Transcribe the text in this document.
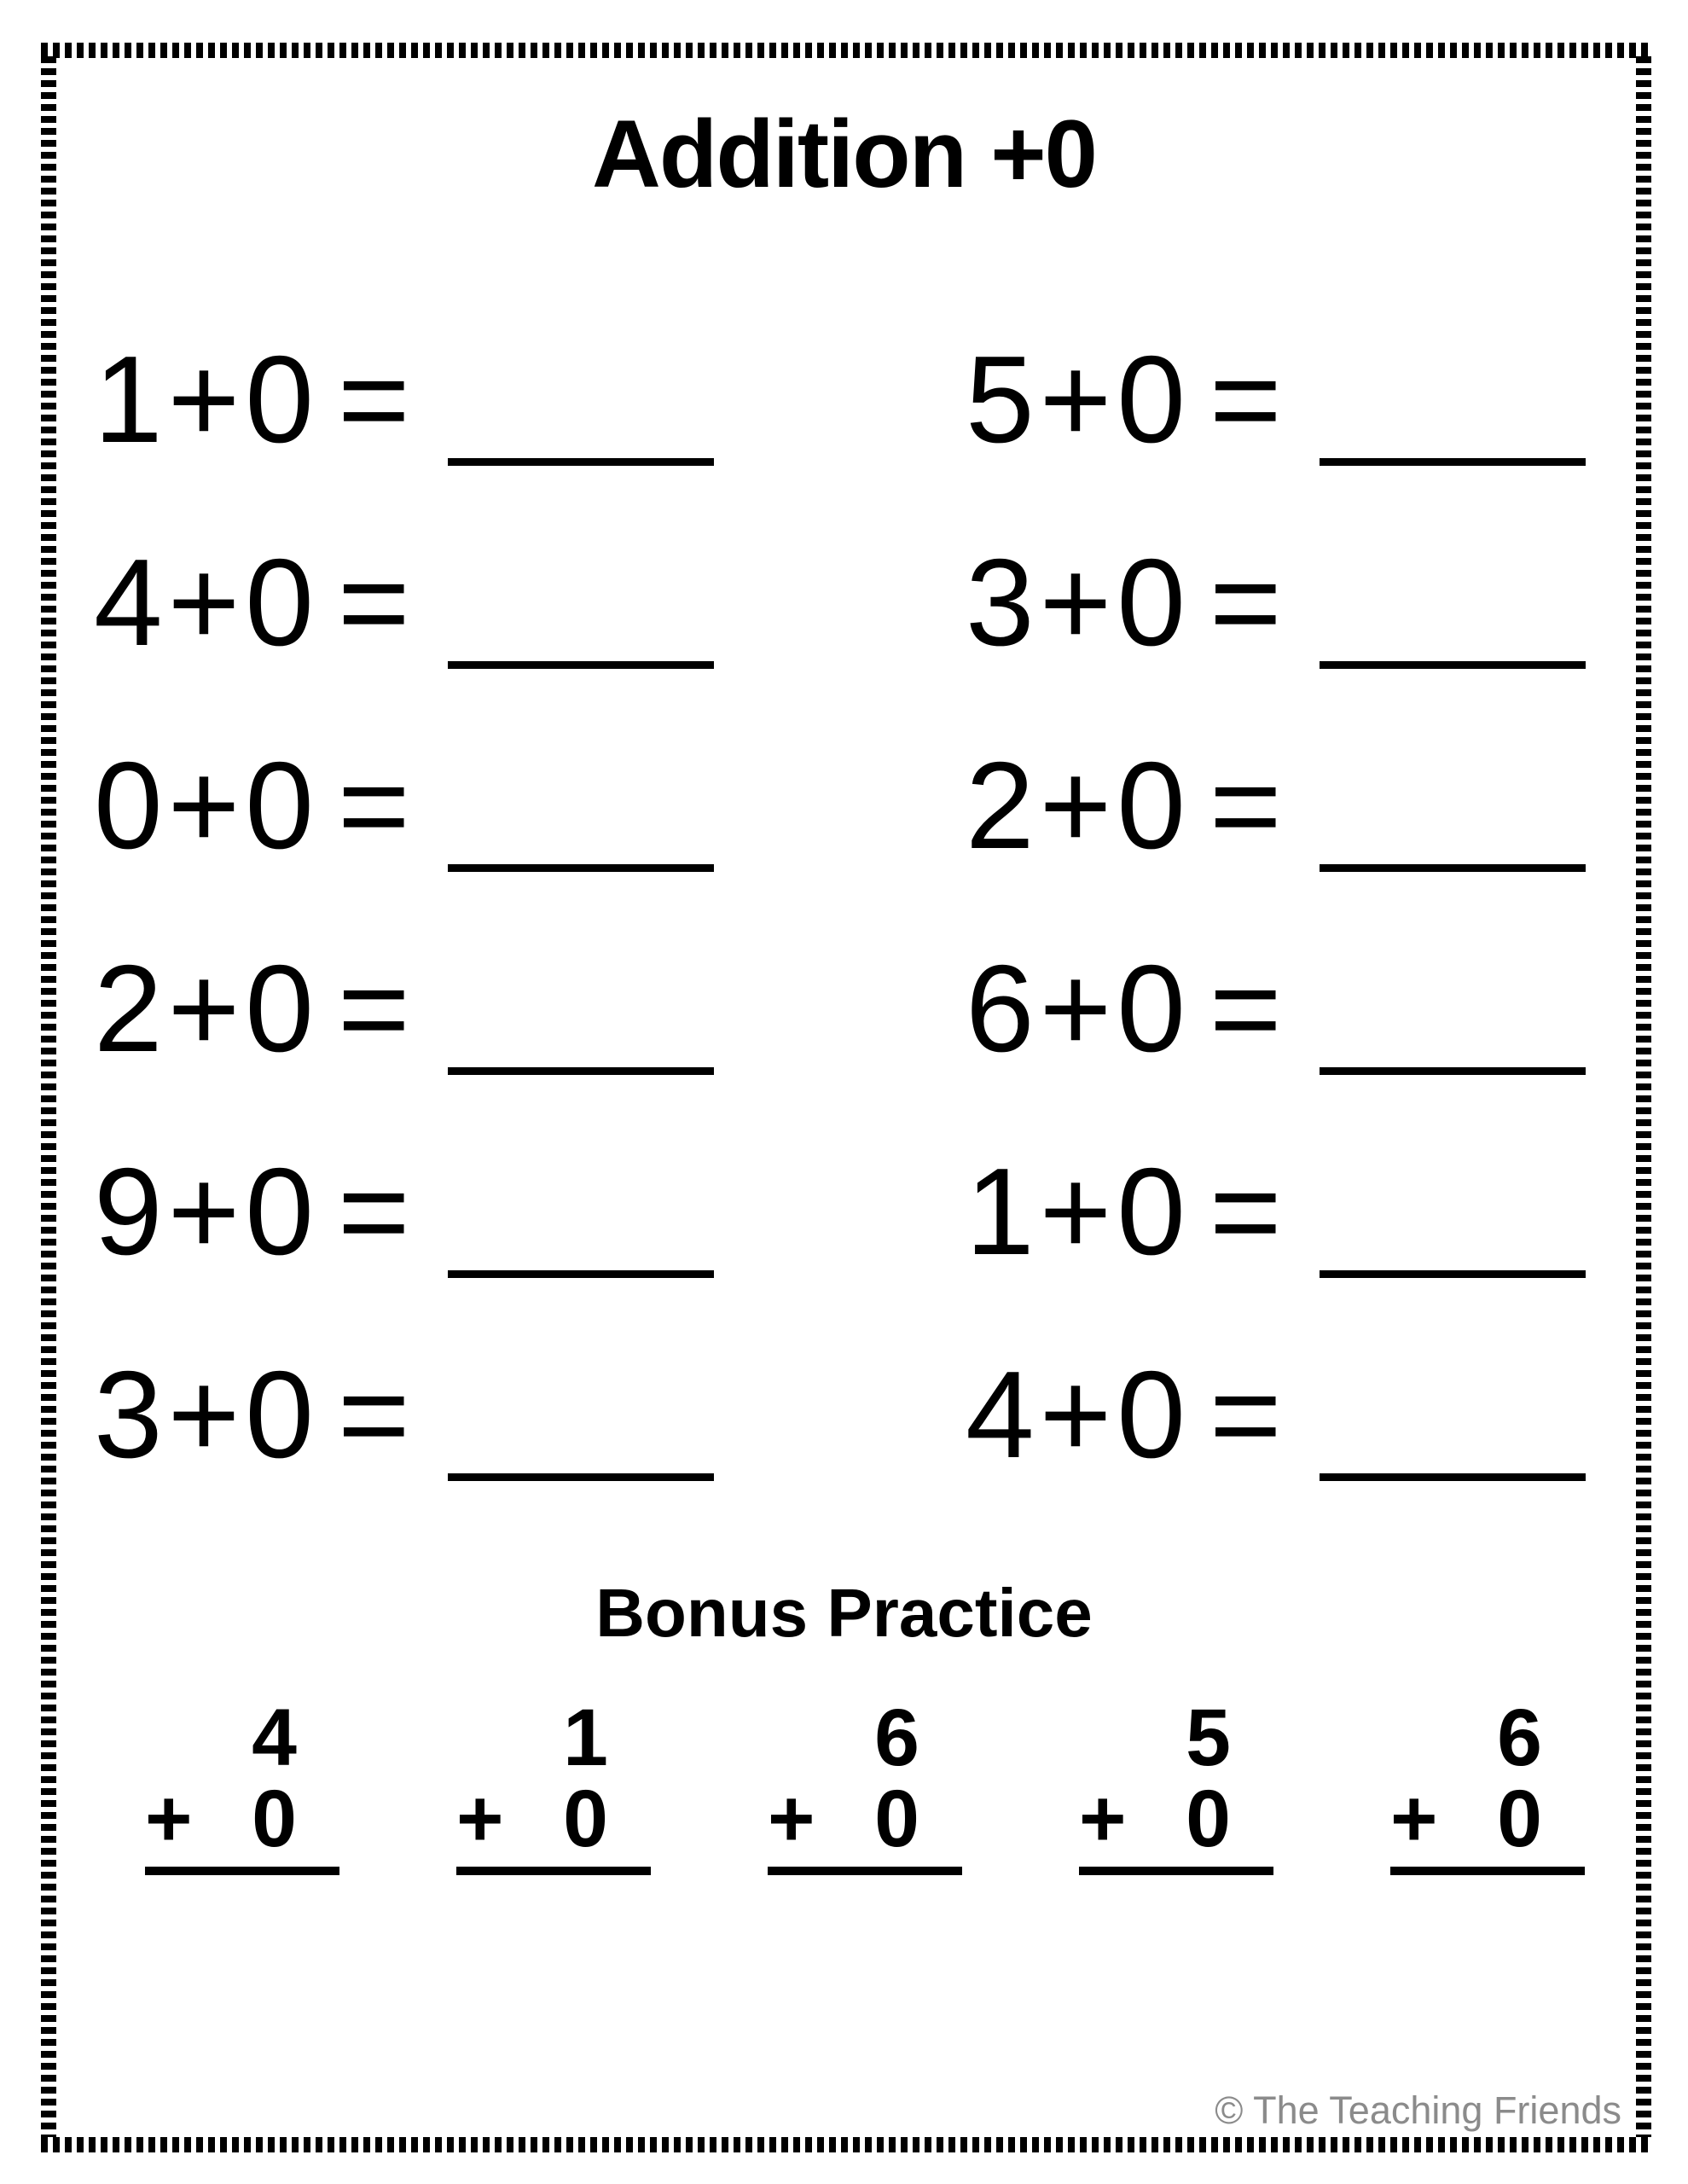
Addition +0
1+0 =	5+0 =
4+0 =	3+0 =
0+0 =	2+0 =
2+0 =	6+0 =
9+0 =	1+0 =
3+0 =	4+0 =
Bonus Practice
4
+ 0
1
+ 0
6
+ 0
5
+ 0
6
+ 0
© The Teaching Friends
